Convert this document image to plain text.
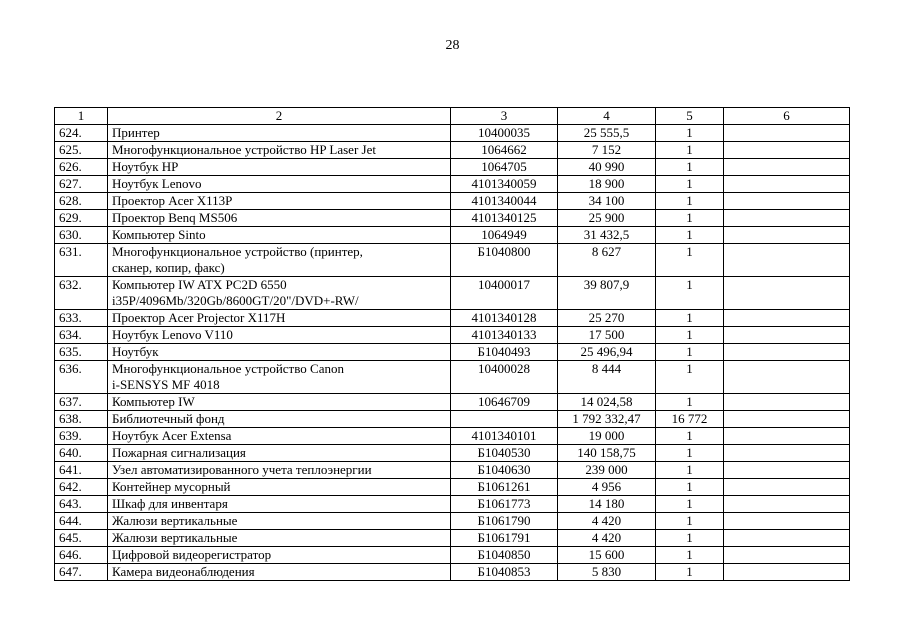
28
1	2	3	4	5	6
624.	Принтер	10400035	25 555,5	1	
625.	Многофункциональное устройство HP Laser Jet	1064662	7 152	1	
626.	Ноутбук HP	1064705	40 990	1	
627.	Ноутбук Lenovo	4101340059	18 900	1	
628.	Проектор Acer X113P	4101340044	34 100	1	
629.	Проектор Benq MS506	4101340125	25 900	1	
630.	Компьютер Sinto	1064949	31 432,5	1	
631.	Многофункциональное устройство (принтер,
сканер, копир, факс)	Б1040800	8 627	1	
632.	Компьютер IW ATX PC2D 6550
i35P/4096Mb/320Gb/8600GT/20"/DVD+-RW/	10400017	39 807,9	1	
633.	Проектор Acer Projector X117H	4101340128	25 270	1	
634.	Ноутбук Lenovo V110	4101340133	17 500	1	
635.	Ноутбук	Б1040493	25 496,94	1	
636.	Многофункциональное устройство Canon
i-SENSYS MF 4018	10400028	8 444	1	
637.	Компьютер IW	10646709	14 024,58	1	
638.	Библиотечный фонд		1 792 332,47	16 772	
639.	Ноутбук Acer Extensa	4101340101	19 000	1	
640.	Пожарная сигнализация	Б1040530	140 158,75	1	
641.	Узел автоматизированного учета теплоэнергии	Б1040630	239 000	1	
642.	Контейнер мусорный	Б1061261	4 956	1	
643.	Шкаф для инвентаря	Б1061773	14 180	1	
644.	Жалюзи вертикальные	Б1061790	4 420	1	
645.	Жалюзи вертикальные	Б1061791	4 420	1	
646.	Цифровой видеорегистратор	Б1040850	15 600	1	
647.	Камера видеонаблюдения	Б1040853	5 830	1	
